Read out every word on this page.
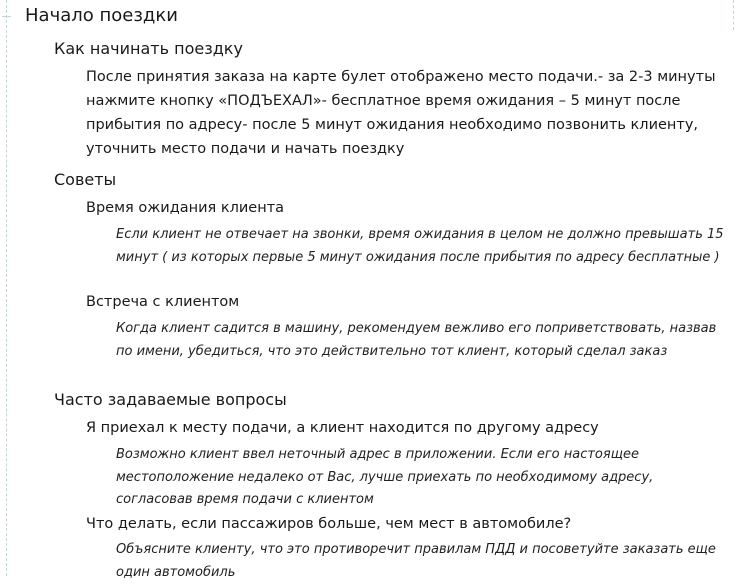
Начало поездки
Как начинать поездку
После принятия заказа на карте булет отображено место подачи.- за 2-3 минуты нажмите кнопку «ПОДЪЕХАЛ»- бесплатное время ожидания – 5 минут после прибытия по адресу- после 5 минут ожидания необходимо позвонить клиенту, уточнить место подачи и начать поездку
Советы
Время ожидания клиента
Если клиент не отвечает на звонки, время ожидания в целом не должно превышать 15 минут ( из которых первые 5 минут ожидания после прибытия по адресу бесплатные )
Встреча с клиентом
Когда клиент садится в машину, рекомендуем вежливо его поприветствовать, назвав по имени, убедиться, что это действительно тот клиент, который сделал заказ
Часто задаваемые вопросы
Я приехал к месту подачи, а клиент находится по другому адресу
Возможно клиент ввел неточный адрес в приложении. Если его настоящее местоположение недалеко от Вас, лучше приехать по необходимому адресу, согласовав время подачи с клиентом
Что делать, если пассажиров больше, чем мест в автомобиле?
Объясните клиенту, что это противоречит правилам ПДД и посоветуйте заказать еще один автомобиль
